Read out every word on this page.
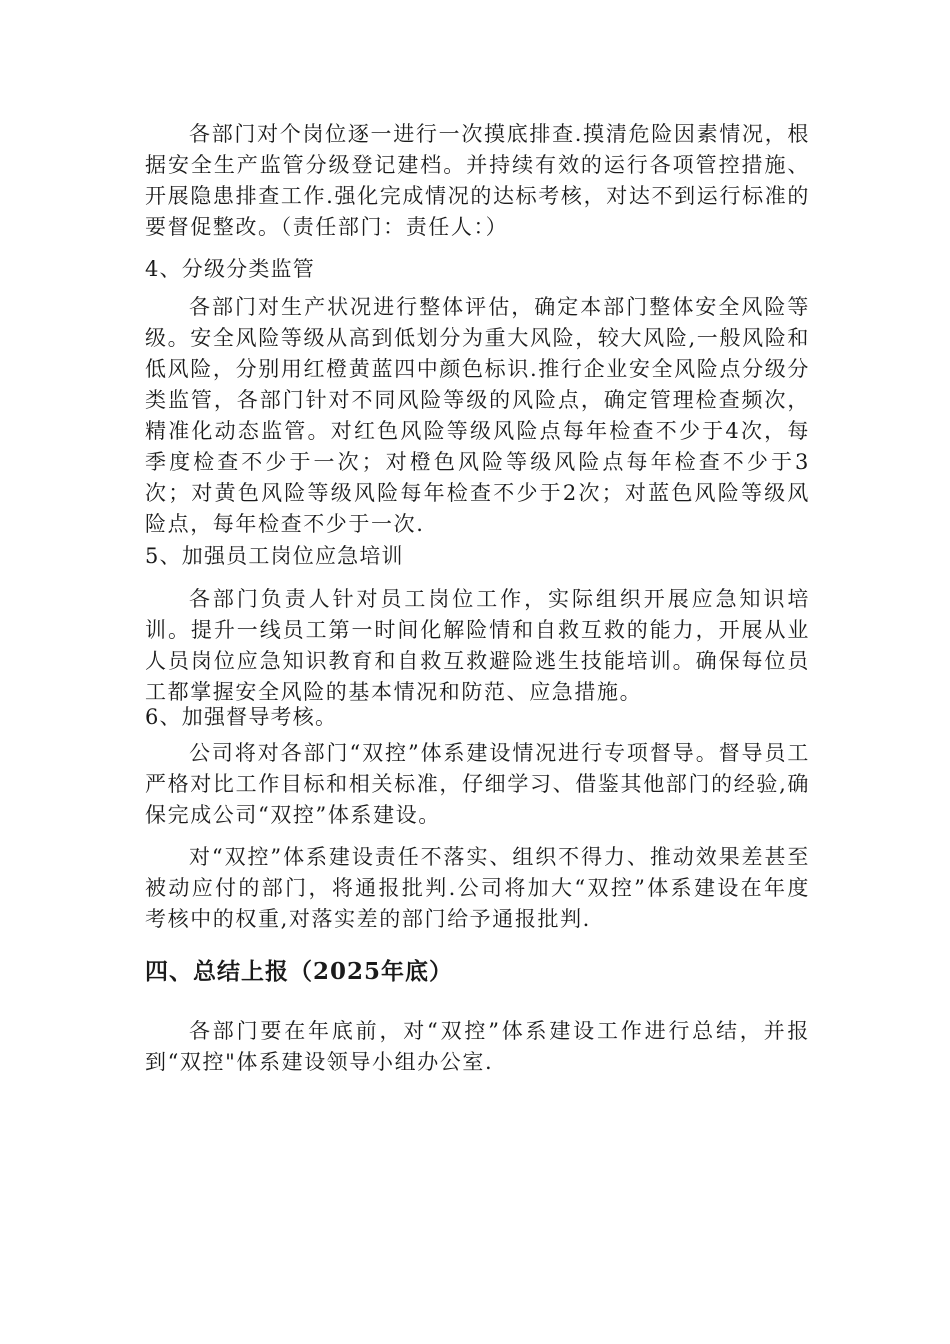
各部门对个岗位逐一进行一次摸底排查.摸清危险因素情况，根据安全生产监管分级登记建档。并持续有效的运行各项管控措施、开展隐患排查工作.强化完成情况的达标考核，对达不到运行标准的要督促整改。（责任部门：责任人：）

4、分级分类监管

各部门对生产状况进行整体评估，确定本部门整体安全风险等级。安全风险等级从高到低划分为重大风险，较大风险,一般风险和低风险，分别用红橙黄蓝四中颜色标识.推行企业安全风险点分级分类监管，各部门针对不同风险等级的风险点，确定管理检查频次，精准化动态监管。对红色风险等级风险点每年检查不少于4次，每季度检查不少于一次；对橙色风险等级风险点每年检查不少于3次；对黄色风险等级风险每年检查不少于2次；对蓝色风险等级风险点，每年检查不少于一次.

5、加强员工岗位应急培训

各部门负责人针对员工岗位工作，实际组织开展应急知识培训。提升一线员工第一时间化解险情和自救互救的能力，开展从业人员岗位应急知识教育和自救互救避险逃生技能培训。确保每位员工都掌握安全风险的基本情况和防范、应急措施。

6、加强督导考核。

公司将对各部门“双控”体系建设情况进行专项督导。督导员工严格对比工作目标和相关标准，仔细学习、借鉴其他部门的经验,确保完成公司“双控”体系建设。

对“双控”体系建设责任不落实、组织不得力、推动效果差甚至被动应付的部门，将通报批判.公司将加大“双控”体系建设在年度考核中的权重,对落实差的部门给予通报批判.

四、总结上报（2025年底）

各部门要在年底前，对“双控”体系建设工作进行总结，并报到“双控"体系建设领导小组办公室.
